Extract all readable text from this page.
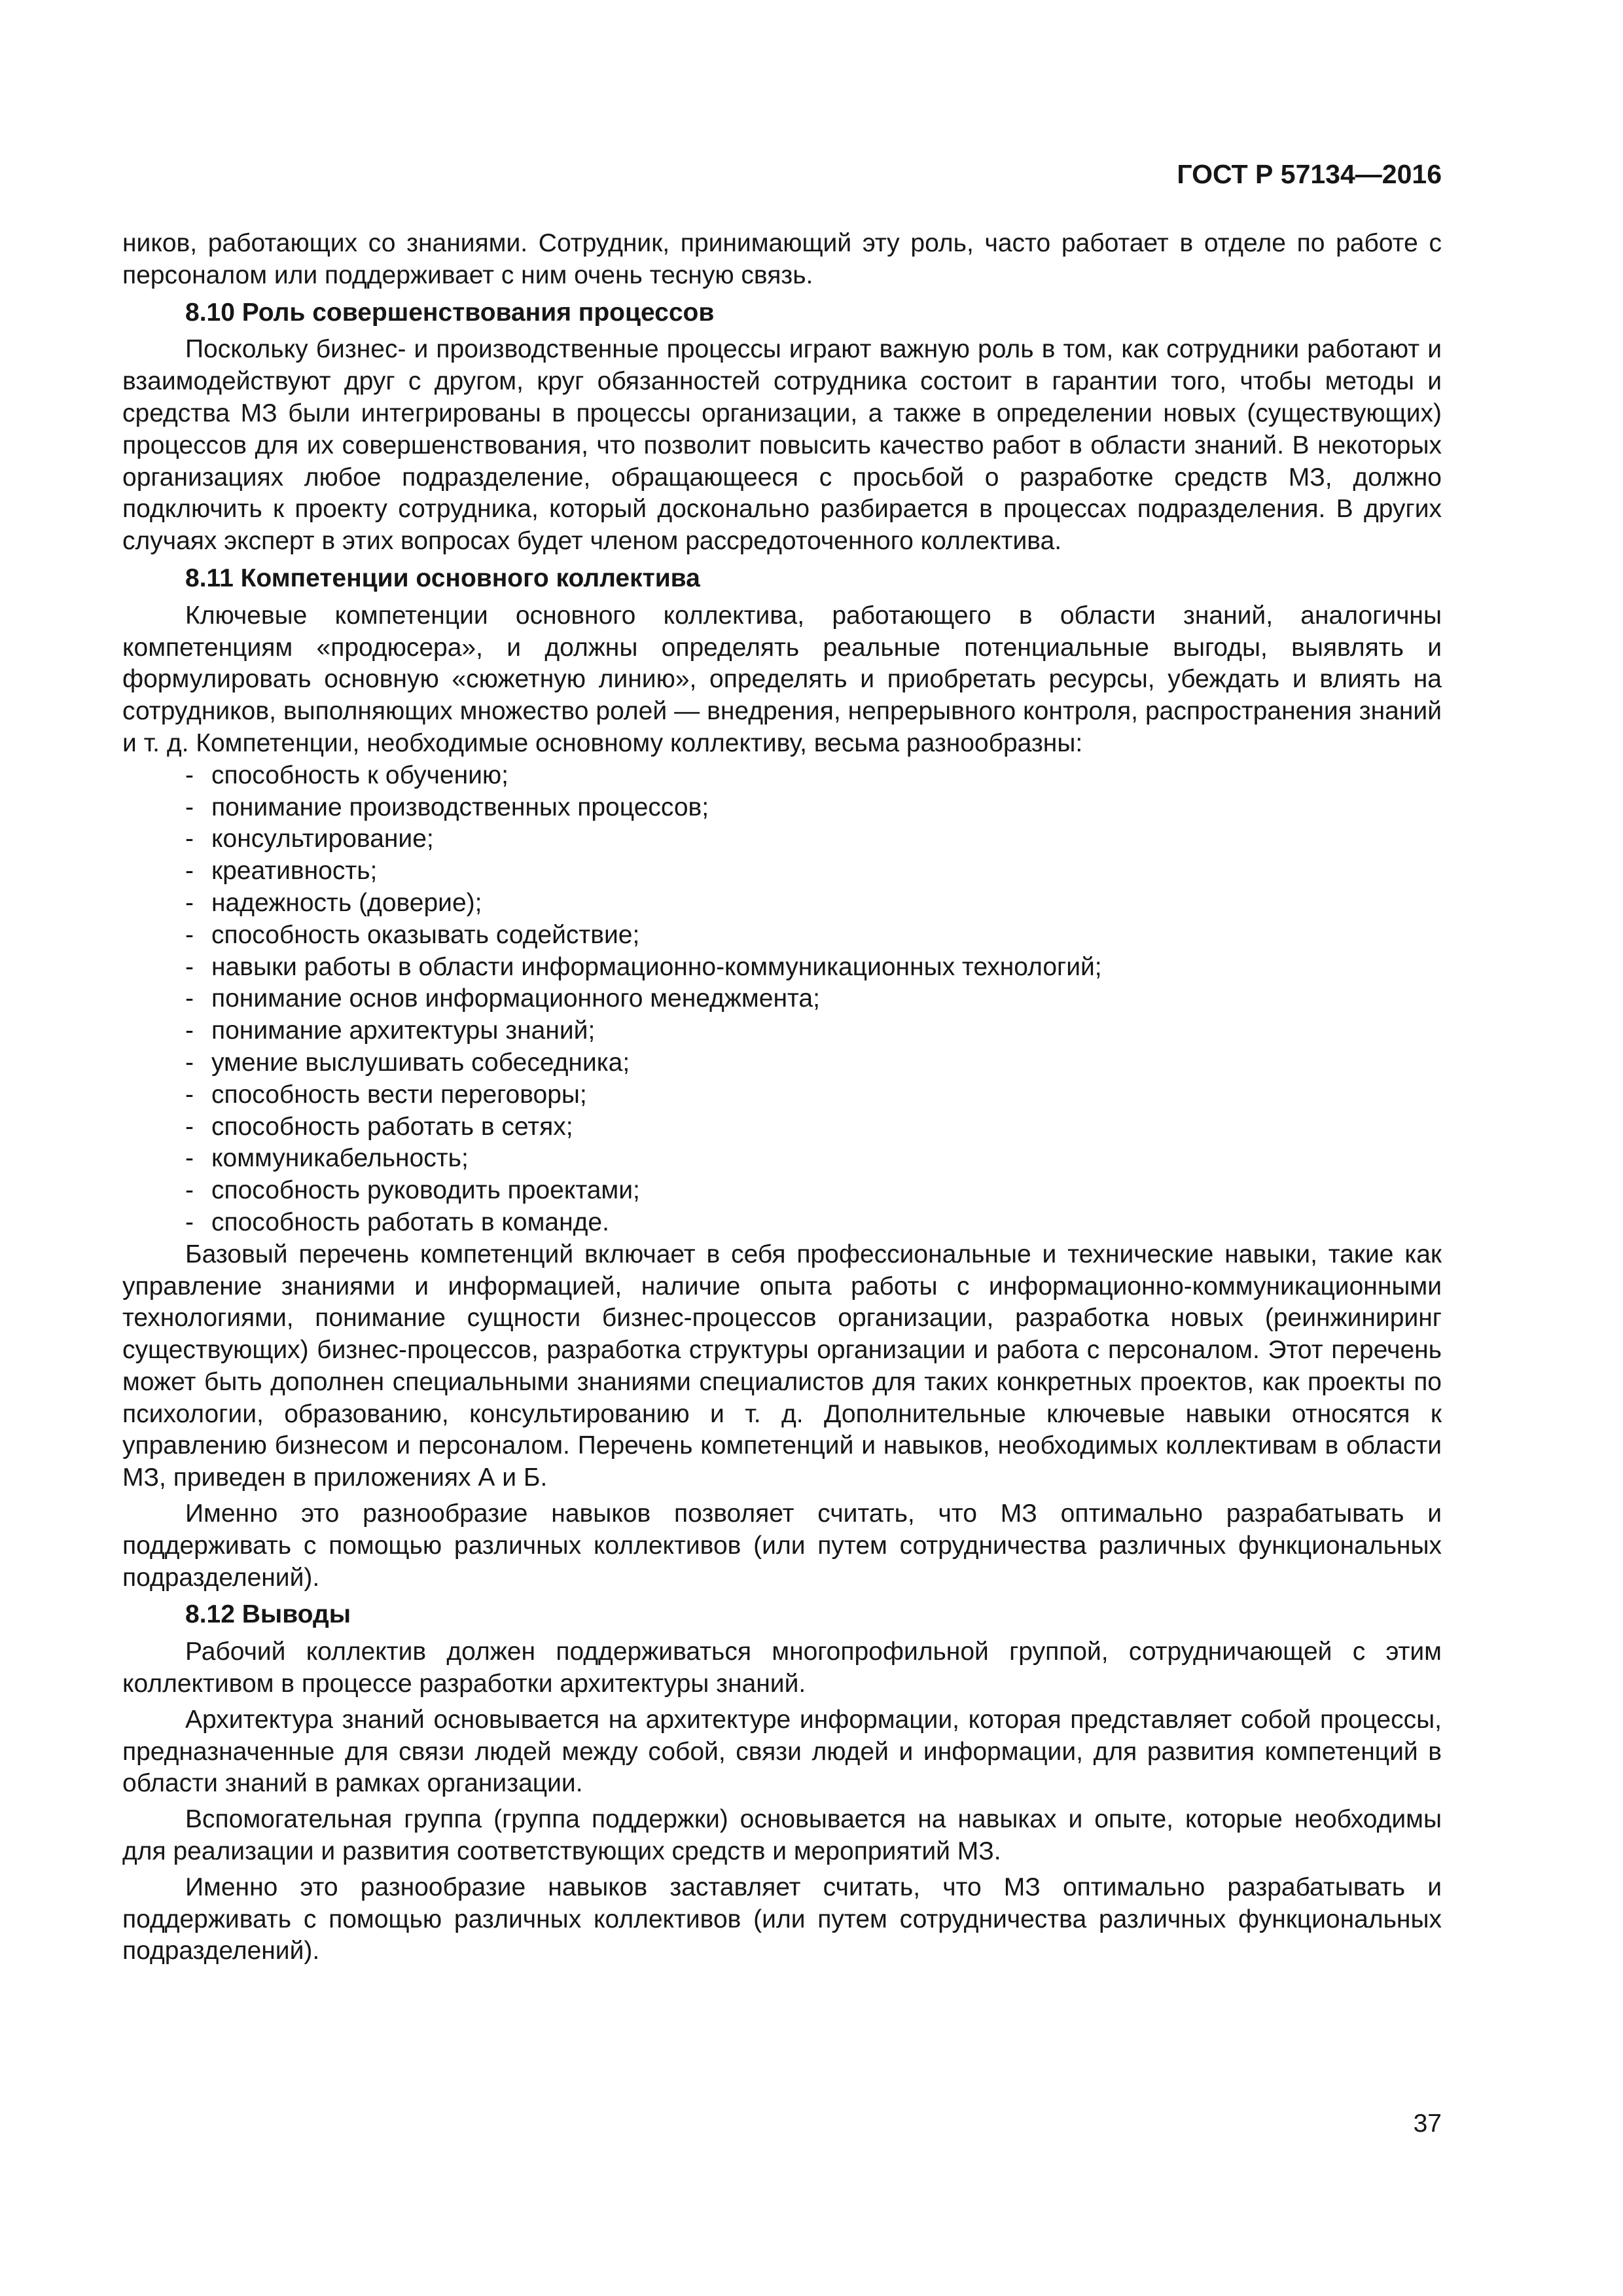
ГОСТ Р 57134—2016

ников, работающих со знаниями. Сотрудник, принимающий эту роль, часто работает в отделе по работе с персоналом или поддерживает с ним очень тесную связь.

8.10 Роль совершенствования процессов

Поскольку бизнес- и производственные процессы играют важную роль в том, как сотрудники работают и взаимодействуют друг с другом, круг обязанностей сотрудника состоит в гарантии того, чтобы методы и средства МЗ были интегрированы в процессы организации, а также в определении новых (существующих) процессов для их совершенствования, что позволит повысить качество работ в области знаний. В некоторых организациях любое подразделение, обращающееся с просьбой о разработке средств МЗ, должно подключить к проекту сотрудника, который досконально разбирается в процессах подразделения. В других случаях эксперт в этих вопросах будет членом рассредоточенного коллектива.

8.11 Компетенции основного коллектива

Ключевые компетенции основного коллектива, работающего в области знаний, аналогичны компетенциям «продюсера», и должны определять реальные потенциальные выгоды, выявлять и формулировать основную «сюжетную линию», определять и приобретать ресурсы, убеждать и влиять на сотрудников, выполняющих множество ролей — внедрения, непрерывного контроля, распространения знаний и т. д. Компетенции, необходимые основному коллективу, весьма разнообразны:

- способность к обучению;
- понимание производственных процессов;
- консультирование;
- креативность;
- надежность (доверие);
- способность оказывать содействие;
- навыки работы в области информационно-коммуникационных технологий;
- понимание основ информационного менеджмента;
- понимание архитектуры знаний;
- умение выслушивать собеседника;
- способность вести переговоры;
- способность работать в сетях;
- коммуникабельность;
- способность руководить проектами;
- способность работать в команде.

Базовый перечень компетенций включает в себя профессиональные и технические навыки, такие как управление знаниями и информацией, наличие опыта работы с информационно-коммуникационными технологиями, понимание сущности бизнес-процессов организации, разработка новых (реинжиниринг существующих) бизнес-процессов, разработка структуры организации и работа с персоналом. Этот перечень может быть дополнен специальными знаниями специалистов для таких конкретных проектов, как проекты по психологии, образованию, консультированию и т. д. Дополнительные ключевые навыки относятся к управлению бизнесом и персоналом. Перечень компетенций и навыков, необходимых коллективам в области МЗ, приведен в приложениях А и Б.

Именно это разнообразие навыков позволяет считать, что МЗ оптимально разрабатывать и поддерживать с помощью различных коллективов (или путем сотрудничества различных функциональных подразделений).

8.12 Выводы

Рабочий коллектив должен поддерживаться многопрофильной группой, сотрудничающей с этим коллективом в процессе разработки архитектуры знаний.

Архитектура знаний основывается на архитектуре информации, которая представляет собой процессы, предназначенные для связи людей между собой, связи людей и информации, для развития компетенций в области знаний в рамках организации.

Вспомогательная группа (группа поддержки) основывается на навыках и опыте, которые необходимы для реализации и развития соответствующих средств и мероприятий МЗ.

Именно это разнообразие навыков заставляет считать, что МЗ оптимально разрабатывать и поддерживать с помощью различных коллективов (или путем сотрудничества различных функциональных подразделений).

37
